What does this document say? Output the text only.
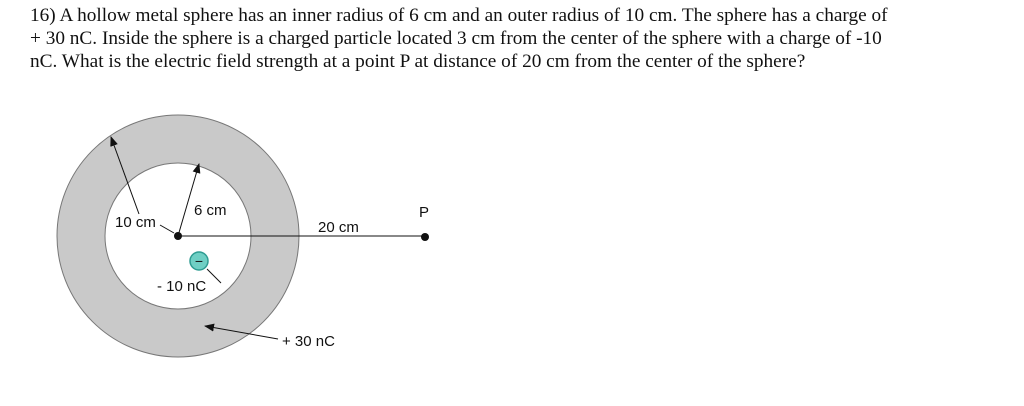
16) A hollow metal sphere has an inner radius of 6 cm and an outer radius of 10 cm. The sphere has a charge of
+ 30 nC. Inside the sphere is a charged particle located 3 cm from the center of the sphere with a charge of -10
nC. What is the electric field strength at a point P at distance of 20 cm from the center of the sphere?
−
10 cm
6 cm
20 cm
P
- 10 nC
+ 30 nC
